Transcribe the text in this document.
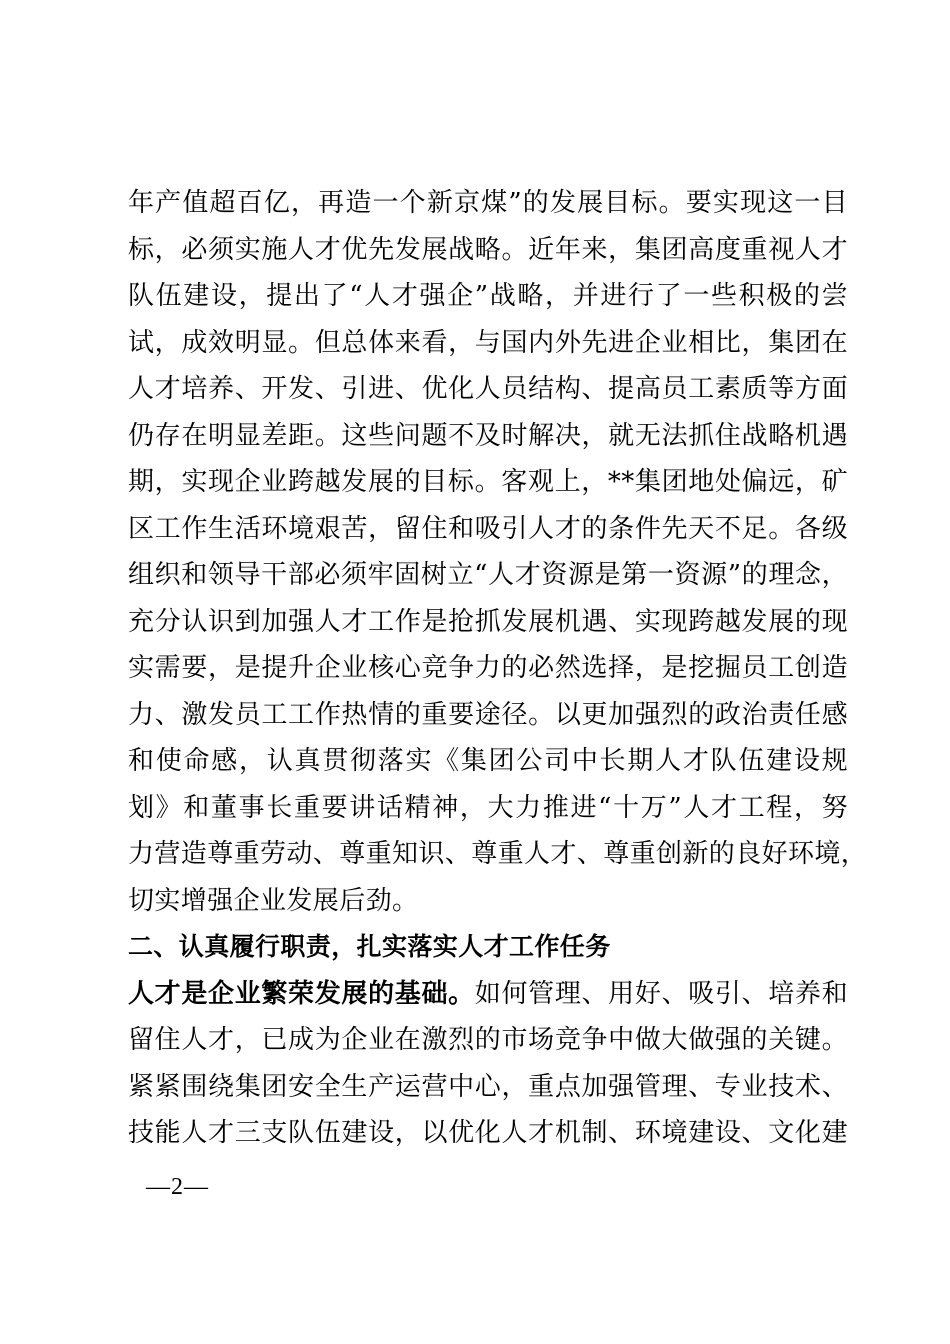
年产值超百亿，再造一个新京煤”的发展目标。要实现这一目
标，必须实施人才优先发展战略。近年来，集团高度重视人才
队伍建设，提出了“人才强企”战略，并进行了一些积极的尝
试，成效明显。但总体来看，与国内外先进企业相比，集团在
人才培养、开发、引进、优化人员结构、提高员工素质等方面
仍存在明显差距。这些问题不及时解决，就无法抓住战略机遇
期，实现企业跨越发展的目标。客观上，**集团地处偏远，矿
区工作生活环境艰苦，留住和吸引人才的条件先天不足。各级
组织和领导干部必须牢固树立“人才资源是第一资源”的理念，
充分认识到加强人才工作是抢抓发展机遇、实现跨越发展的现
实需要，是提升企业核心竞争力的必然选择，是挖掘员工创造
力、激发员工工作热情的重要途径。以更加强烈的政治责任感
和使命感，认真贯彻落实《集团公司中长期人才队伍建设规
划》和董事长重要讲话精神，大力推进“十万”人才工程，努
力营造尊重劳动、尊重知识、尊重人才、尊重创新的良好环境，
切实增强企业发展后劲。
二、认真履行职责，扎实落实人才工作任务
人才是企业繁荣发展的基础。如何管理、用好、吸引、培养和
留住人才，已成为企业在激烈的市场竞争中做大做强的关键。
紧紧围绕集团安全生产运营中心，重点加强管理、专业技术、
技能人才三支队伍建设，以优化人才机制、环境建设、文化建
—2—
